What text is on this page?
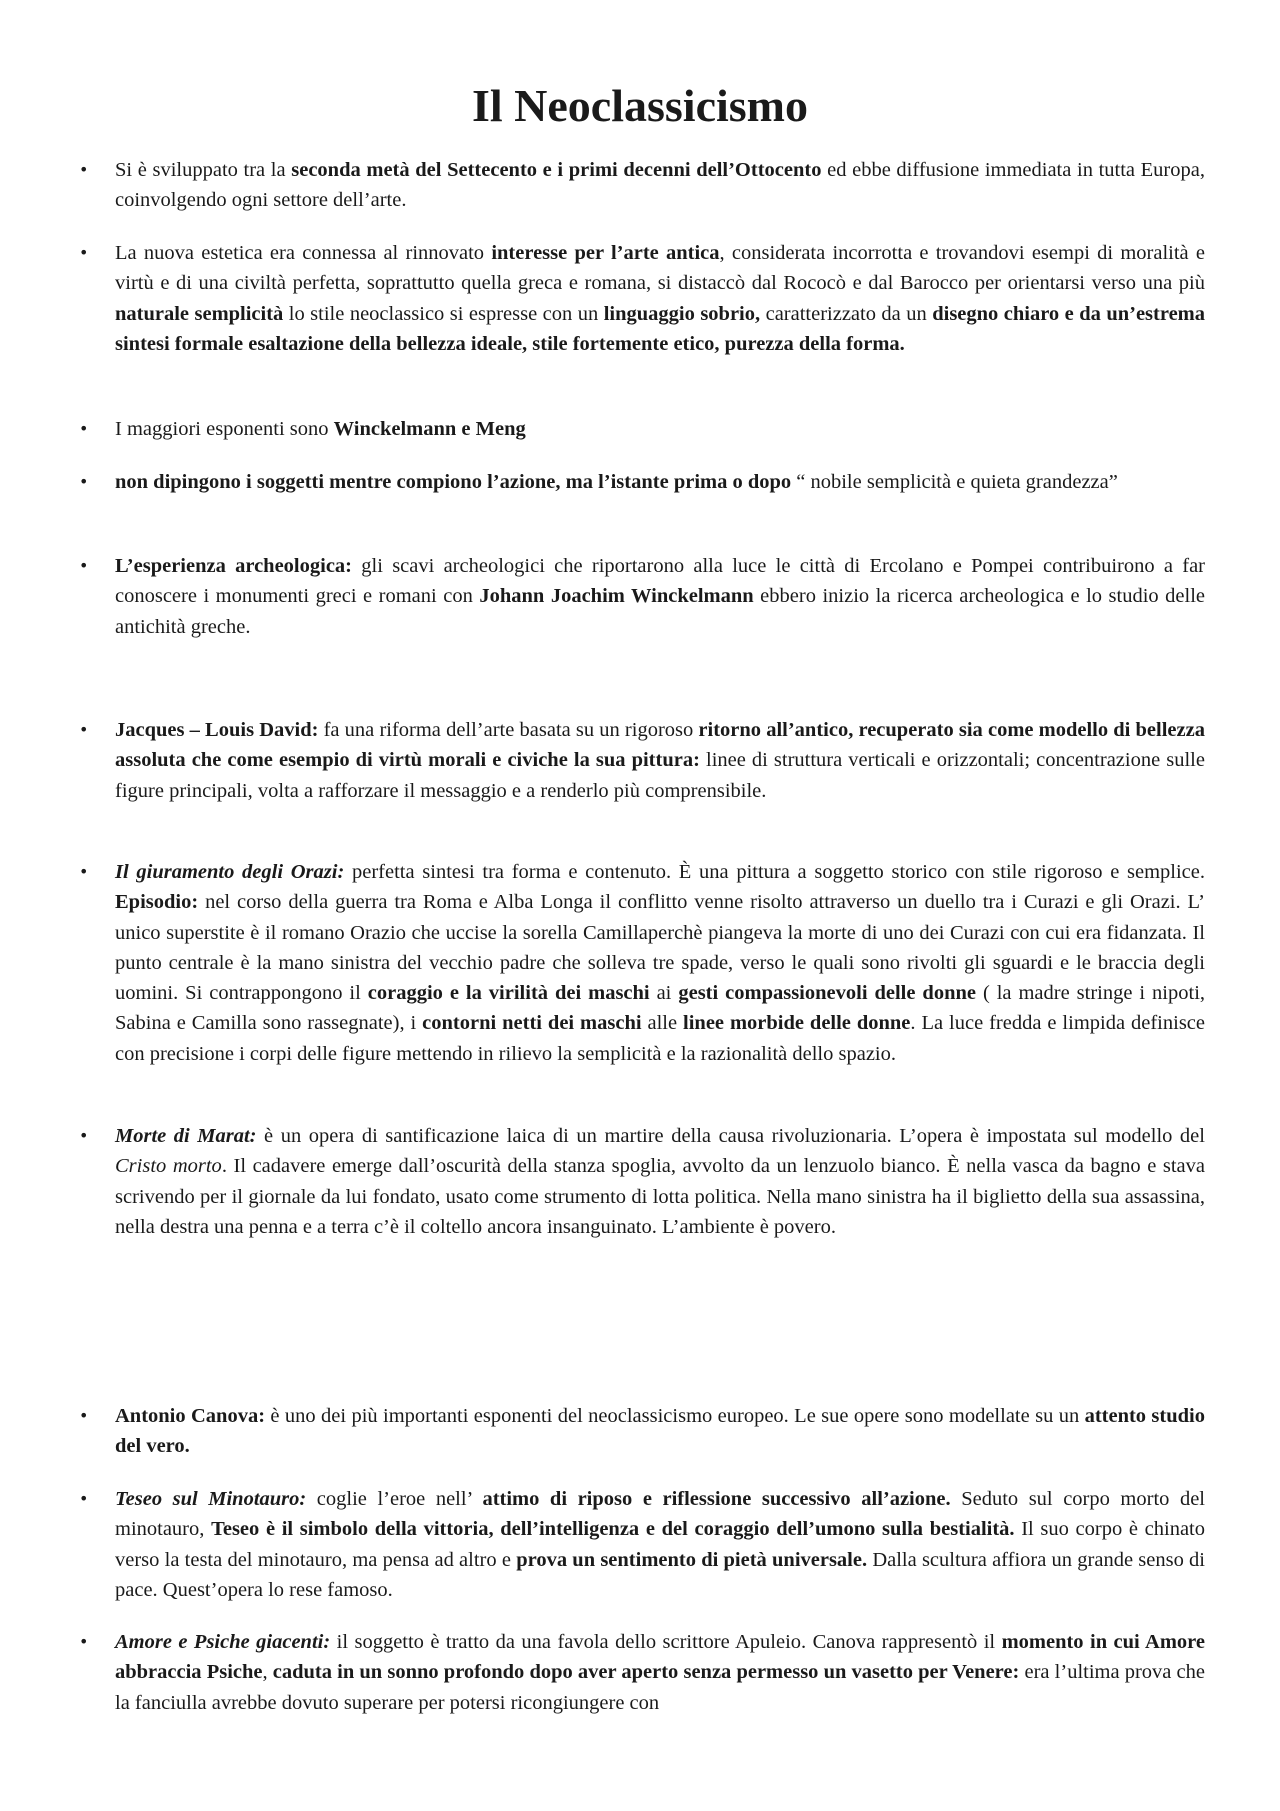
Il Neoclassicismo
• Si è sviluppato tra la seconda metà del Settecento e i primi decenni dell’Ottocento ed ebbe diffusione immediata in tutta Europa, coinvolgendo ogni settore dell’arte.
• La nuova estetica era connessa al rinnovato interesse per l’arte antica, considerata incorrotta e trovandovi esempi di moralità e virtù e di una civiltà perfetta, soprattutto quella greca e romana, si distaccò dal Rococò e dal Barocco per orientarsi verso una più naturale semplicità lo stile neoclassico si espresse con un linguaggio sobrio, caratterizzato da un disegno chiaro e da un’estrema sintesi formale esaltazione della bellezza ideale, stile fortemente etico, purezza della forma.
• I maggiori esponenti sono Winckelmann e Meng
• non dipingono i soggetti mentre compiono l’azione, ma l’istante prima o dopo “ nobile semplicità e quieta grandezza”
• L’esperienza archeologica: gli scavi archeologici che riportarono alla luce le città di Ercolano e Pompei contribuirono a far conoscere i monumenti greci e romani con Johann Joachim Winckelmann ebbero inizio la ricerca archeologica e lo studio delle antichità greche.
• Jacques – Louis David: fa una riforma dell’arte basata su un rigoroso ritorno all’antico, recuperato sia come modello di bellezza assoluta che come esempio di virtù morali e civiche la sua pittura: linee di struttura verticali e orizzontali; concentrazione sulle figure principali, volta a rafforzare il messaggio e a renderlo più comprensibile.
• Il giuramento degli Orazi: perfetta sintesi tra forma e contenuto. È una pittura a soggetto storico con stile rigoroso e semplice. Episodio: nel corso della guerra tra Roma e Alba Longa il conflitto venne risolto attraverso un duello tra i Curazi e gli Orazi. L’ unico superstite è il romano Orazio che uccise la sorella Camillaperchè piangeva la morte di uno dei Curazi con cui era fidanzata. Il punto centrale è la mano sinistra del vecchio padre che solleva tre spade, verso le quali sono rivolti gli sguardi e le braccia degli uomini. Si contrappongono il coraggio e la virilità dei maschi ai gesti compassionevoli delle donne ( la madre stringe i nipoti, Sabina e Camilla sono rassegnate), i contorni netti dei maschi alle linee morbide delle donne. La luce fredda e limpida definisce con precisione i corpi delle figure mettendo in rilievo la semplicità e la razionalità dello spazio.
• Morte di Marat: è un opera di santificazione laica di un martire della causa rivoluzionaria. L’opera è impostata sul modello del Cristo morto. Il cadavere emerge dall’oscurità della stanza spoglia, avvolto da un lenzuolo bianco. È nella vasca da bagno e stava scrivendo per il giornale da lui fondato, usato come strumento di lotta politica. Nella mano sinistra ha il biglietto della sua assassina, nella destra una penna e a terra c’è il coltello ancora insanguinato. L’ambiente è povero.
• Antonio Canova: è uno dei più importanti esponenti del neoclassicismo europeo. Le sue opere sono modellate su un attento studio del vero.
• Teseo sul Minotauro: coglie l’eroe nell’ attimo di riposo e riflessione successivo all’azione. Seduto sul corpo morto del minotauro, Teseo è il simbolo della vittoria, dell’intelligenza e del coraggio dell’umono sulla bestialità. Il suo corpo è chinato verso la testa del minotauro, ma pensa ad altro e prova un sentimento di pietà universale. Dalla scultura affiora un grande senso di pace. Quest’opera lo rese famoso.
• Amore e Psiche giacenti: il soggetto è tratto da una favola dello scrittore Apuleio. Canova rappresentò il momento in cui Amore abbraccia Psiche, caduta in un sonno profondo dopo aver aperto senza permesso un vasetto per Venere: era l’ultima prova che la fanciulla avrebbe dovuto superare per potersi ricongiungere con
